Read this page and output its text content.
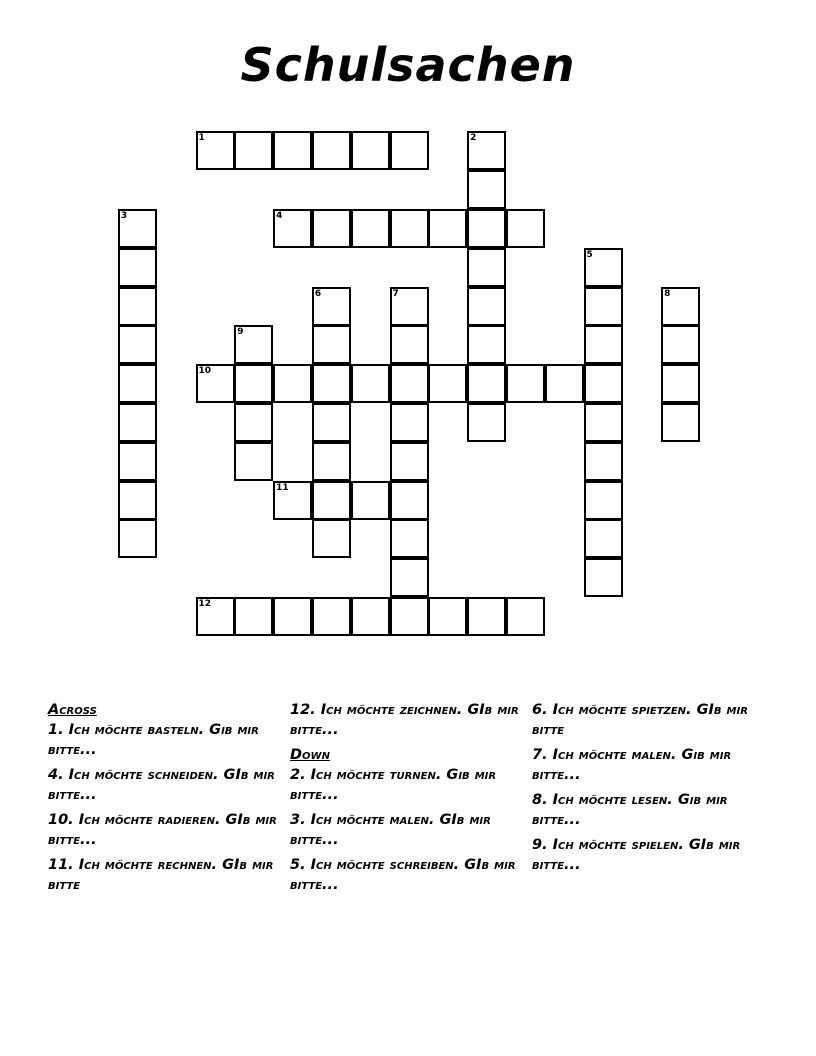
Schulsachen
1	2
3	4
5
6	7	8
9
10
11
12
Across
1. Ich möchte basteln. Gib mir bitte...
4. Ich möchte schneiden. GIb mir bitte...
10. Ich möchte radieren. GIb mir bitte...
11. Ich möchte rechnen. GIb mir bitte
12. Ich möchte zeichnen. GIb mir bitte...
Down
2. Ich möchte turnen. Gib mir bitte...
3. Ich möchte malen. GIb mir bitte...
5. Ich möchte schreiben. GIb mir bitte...
6. Ich möchte spietzen. GIb mir bitte
7. Ich möchte malen. Gib mir bitte...
8. Ich möchte lesen. Gib mir bitte...
9. Ich möchte spielen. GIb mir bitte...
